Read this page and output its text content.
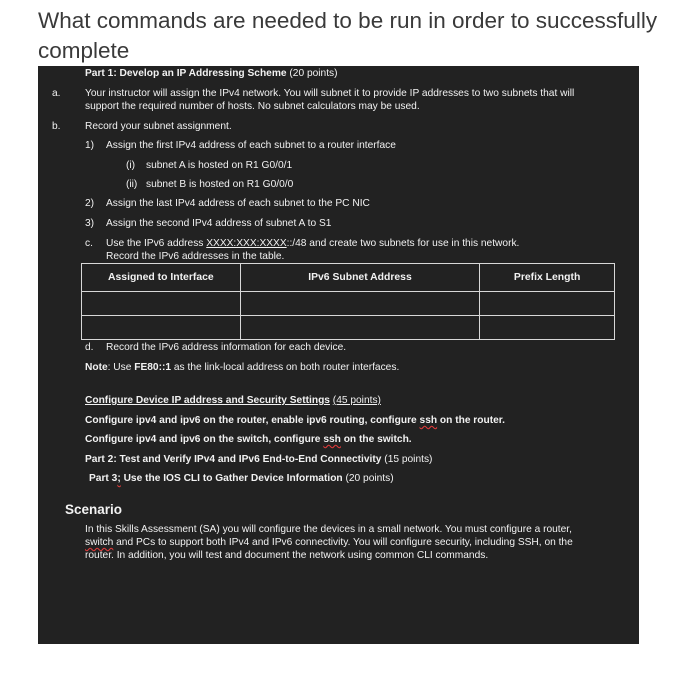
What commands are needed to be run in order to successfully complete
Part 1: Develop an IP Addressing Scheme (20 points)
a. Your instructor will assign the IPv4 network. You will subnet it to provide IP addresses to two subnets that will support the required number of hosts. No subnet calculators may be used.
b. Record your subnet assignment.
1) Assign the first IPv4 address of each subnet to a router interface
(i) subnet A is hosted on R1 G0/0/1
(ii) subnet B is hosted on R1 G0/0/0
2) Assign the last IPv4 address of each subnet to the PC NIC
3) Assign the second IPv4 address of subnet A to S1
c. Use the IPv6 address XXXX:XXX:XXXX::/48 and create two subnets for use in this network.
Record the IPv6 addresses in the table.
Assigned to Interface	IPv6 Subnet Address	Prefix Length

d. Record the IPv6 address information for each device.
Note: Use FE80::1 as the link-local address on both router interfaces.
Configure Device IP address and Security Settings (45 points)
Configure ipv4 and ipv6 on the router, enable ipv6 routing, configure ssh on the router.
Configure ipv4 and ipv6 on the switch, configure ssh on the switch.
Part 2: Test and Verify IPv4 and IPv6 End-to-End Connectivity (15 points)
Part 3; Use the IOS CLI to Gather Device Information (20 points)
Scenario
In this Skills Assessment (SA) you will configure the devices in a small network. You must configure a router, switch and PCs to support both IPv4 and IPv6 connectivity. You will configure security, including SSH, on the router. In addition, you will test and document the network using common CLI commands.
